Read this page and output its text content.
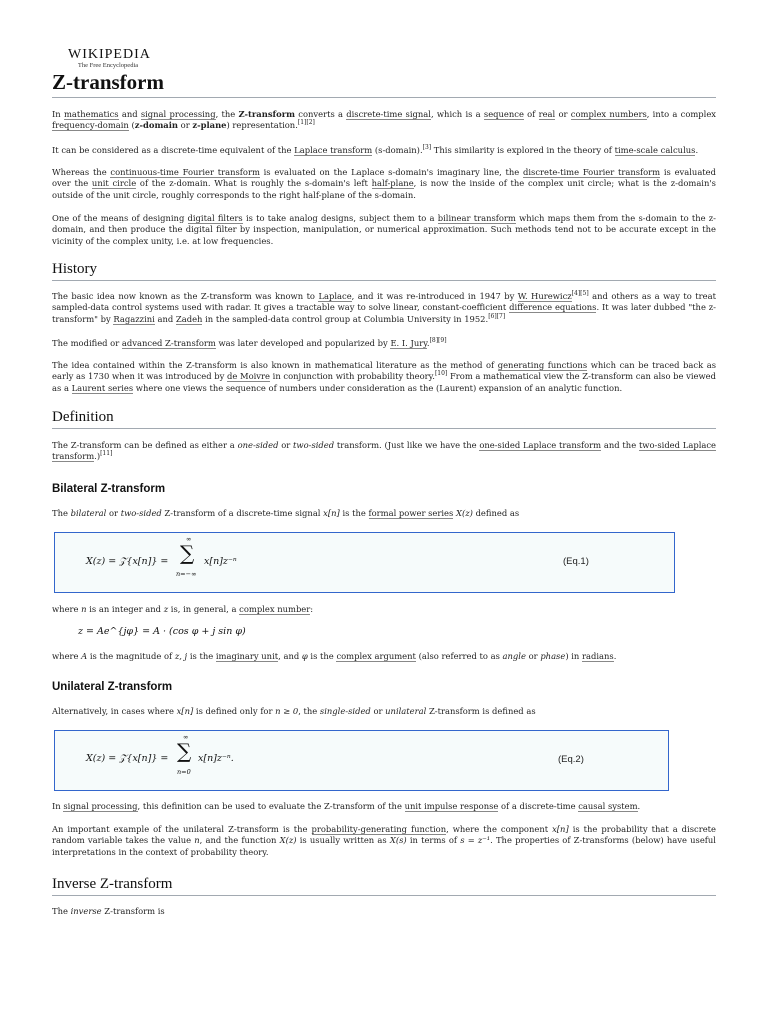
WIKIPEDIA
The Free Encyclopedia
Z-transform
In mathematics and signal processing, the Z-transform converts a discrete-time signal, which is a sequence of real or complex numbers, into a complex frequency-domain (z-domain or z-plane) representation.[1][2]
It can be considered as a discrete-time equivalent of the Laplace transform (s-domain).[3] This similarity is explored in the theory of time-scale calculus.
Whereas the continuous-time Fourier transform is evaluated on the Laplace s-domain's imaginary line, the discrete-time Fourier transform is evaluated over the unit circle of the z-domain. What is roughly the s-domain's left half-plane, is now the inside of the complex unit circle; what is the z-domain's outside of the unit circle, roughly corresponds to the right half-plane of the s-domain.
One of the means of designing digital filters is to take analog designs, subject them to a bilinear transform which maps them from the s-domain to the z-domain, and then produce the digital filter by inspection, manipulation, or numerical approximation. Such methods tend not to be accurate except in the vicinity of the complex unity, i.e. at low frequencies.
History
The basic idea now known as the Z-transform was known to Laplace, and it was re-introduced in 1947 by W. Hurewicz[4][5] and others as a way to treat sampled-data control systems used with radar. It gives a tractable way to solve linear, constant-coefficient difference equations. It was later dubbed "the z-transform" by Ragazzini and Zadeh in the sampled-data control group at Columbia University in 1952.[6][7]
The modified or advanced Z-transform was later developed and popularized by E. I. Jury.[8][9]
The idea contained within the Z-transform is also known in mathematical literature as the method of generating functions which can be traced back as early as 1730 when it was introduced by de Moivre in conjunction with probability theory.[10] From a mathematical view the Z-transform can also be viewed as a Laurent series where one views the sequence of numbers under consideration as the (Laurent) expansion of an analytic function.
Definition
The Z-transform can be defined as either a one-sided or two-sided transform. (Just like we have the one-sided Laplace transform and the two-sided Laplace transform.)[11]
Bilateral Z-transform
The bilateral or two-sided Z-transform of a discrete-time signal x[n] is the formal power series X(z) defined as
X(z) = 𝒵{x[n]} =
∞
∑
n=−∞
x[n]z⁻ⁿ	(Eq.1)
where n is an integer and z is, in general, a complex number:
z = Ae^{jφ} = A · (cos φ + j sin φ)
where A is the magnitude of z, j is the imaginary unit, and φ is the complex argument (also referred to as angle or phase) in radians.
Unilateral Z-transform
Alternatively, in cases where x[n] is defined only for n ≥ 0, the single-sided or unilateral Z-transform is defined as
X(z) = 𝒵{x[n]} =
∞
∑
n=0
x[n]z⁻ⁿ.	(Eq.2)
In signal processing, this definition can be used to evaluate the Z-transform of the unit impulse response of a discrete-time causal system.
An important example of the unilateral Z-transform is the probability-generating function, where the component x[n] is the probability that a discrete random variable takes the value n, and the function X(z) is usually written as X(s) in terms of s = z⁻¹. The properties of Z-transforms (below) have useful interpretations in the context of probability theory.
Inverse Z-transform
The inverse Z-transform is
